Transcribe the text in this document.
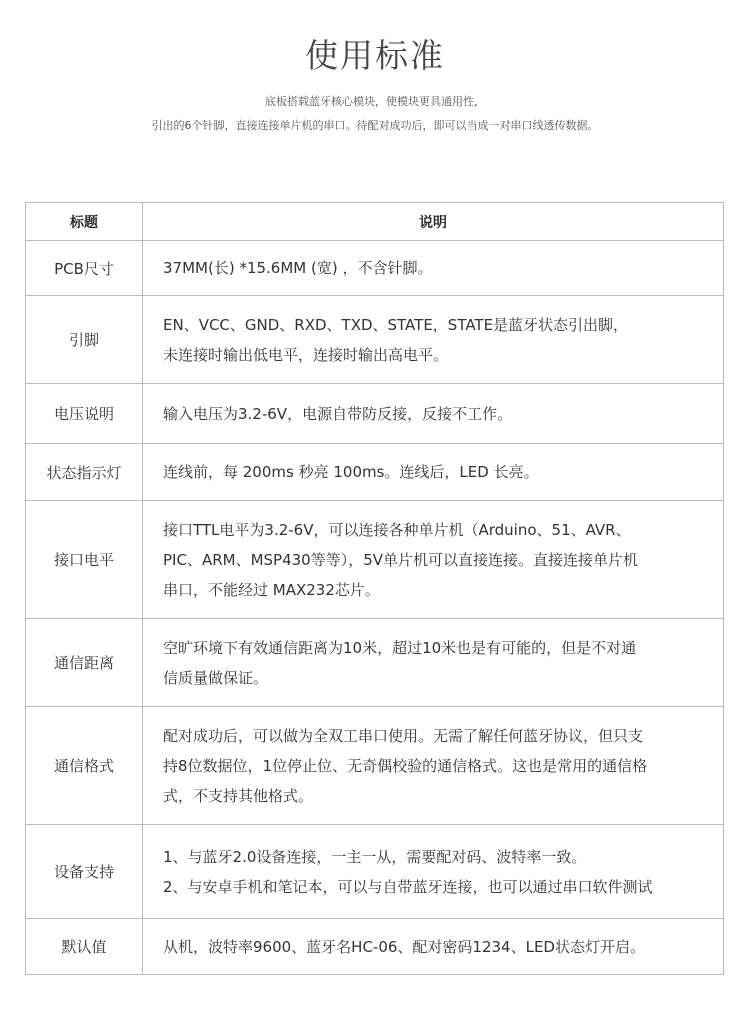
使用标准
底板搭载蓝牙核心模块，使模块更具通用性，
引出的6个针脚，直接连接单片机的串口。待配对成功后，即可以当成一对串口线透传数据。
标题	说明
PCB尺寸	37MM(长) *15.6MM (宽) ，不含针脚。

引脚	EN、VCC、GND、RXD、TXD、STATE，STATE是蓝牙状态引出脚，
未连接时输出低电平，连接时输出高电平。

电压说明	输入电压为3.2-6V，电源自带防反接，反接不工作。

状态指示灯	连线前，每 200ms 秒亮 100ms。连线后，LED 长亮。

接口电平	接口TTL电平为3.2-6V，可以连接各种单片机（Arduino、51、AVR、
PIC、ARM、MSP430等等），5V单片机可以直接连接。直接连接单片机
串口，不能经过 MAX232芯片。

通信距离	空旷环境下有效通信距离为10米，超过10米也是有可能的，但是不对通
信质量做保证。

通信格式	配对成功后，可以做为全双工串口使用。无需了解任何蓝牙协议，但只支
持8位数据位，1位停止位、无奇偶校验的通信格式。这也是常用的通信格
式，不支持其他格式。

设备支持	1、与蓝牙2.0设备连接，一主一从，需要配对码、波特率一致。
2、与安卓手机和笔记本，可以与自带蓝牙连接，也可以通过串口软件测试

默认值	从机，波特率9600、蓝牙名HC-06、配对密码1234、LED状态灯开启。
